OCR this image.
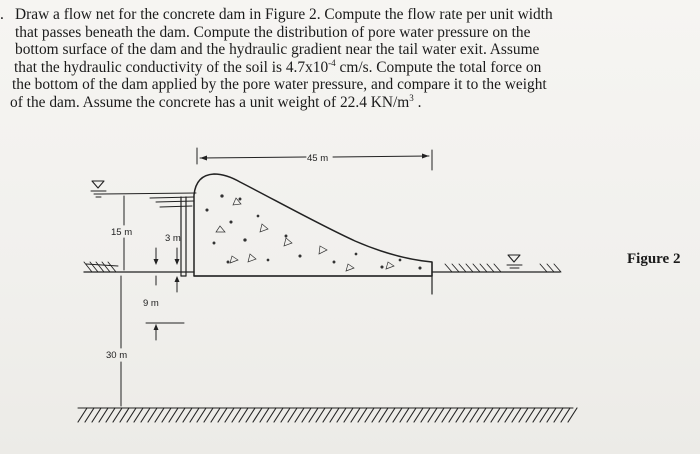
. Draw a flow net for the concrete dam in Figure 2. Compute the flow rate per unit width
that passes beneath the dam. Compute the distribution of pore water pressure on the
bottom surface of the dam and the hydraulic gradient near the tail water exit. Assume
that the hydraulic conductivity of the soil is $4.7x10^{-4}$ cm/s. Compute the total force on
the bottom of the dam applied by the pore water pressure, and compare it to the weight
of the dam. Assume the concrete has a unit weight of 22.4 $KN/m^3$ .
45 m
15 m
3 m
9 m
30 m
Figure 2
